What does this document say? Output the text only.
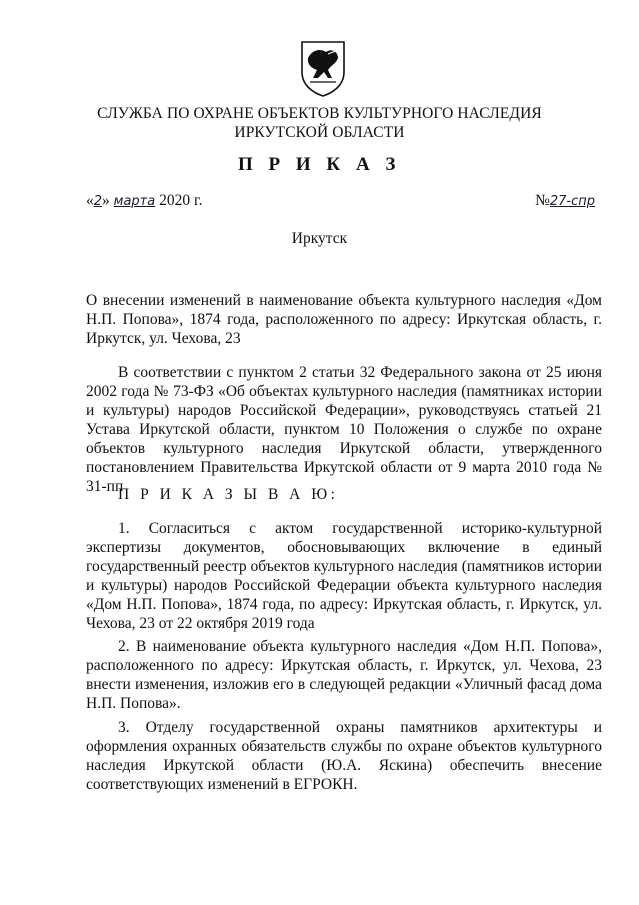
СЛУЖБА ПО ОХРАНЕ ОБЪЕКТОВ КУЛЬТУРНОГО НАСЛЕДИЯ
ИРКУТСКОЙ ОБЛАСТИ
П Р И К А З
«2» марта 2020 г.	№27-спр
Иркутск

О внесении изменений в наименование объекта культурного наследия «Дом Н.П. Попова», 1874 года, расположенного по адресу: Иркутская область, г. Иркутск, ул. Чехова, 23

В соответствии с пунктом 2 статьи 32 Федерального закона от 25 июня 2002 года № 73-ФЗ «Об объектах культурного наследия (памятниках истории и культуры) народов Российской Федерации», руководствуясь статьей 21 Устава Иркутской области, пунктом 10 Положения о службе по охране объектов культурного наследия Иркутской области, утвержденного постановлением Правительства Иркутской области от 9 марта 2010 года № 31-пп

П Р И К А З Ы В А Ю:

1. Согласиться с актом государственной историко-культурной экспертизы документов, обосновывающих включение в единый государственный реестр объектов культурного наследия (памятников истории и культуры) народов Российской Федерации объекта культурного наследия «Дом Н.П. Попова», 1874 года, по адресу: Иркутская область, г. Иркутск, ул. Чехова, 23 от 22 октября 2019 года

2. В наименование объекта культурного наследия «Дом Н.П. Попова», расположенного по адресу: Иркутская область, г. Иркутск, ул. Чехова, 23 внести изменения, изложив его в следующей редакции «Уличный фасад дома Н.П. Попова».

3. Отделу государственной охраны памятников архитектуры и оформления охранных обязательств службы по охране объектов культурного наследия Иркутской области (Ю.А. Яскина) обеспечить внесение соответствующих изменений в ЕГРОКН.
